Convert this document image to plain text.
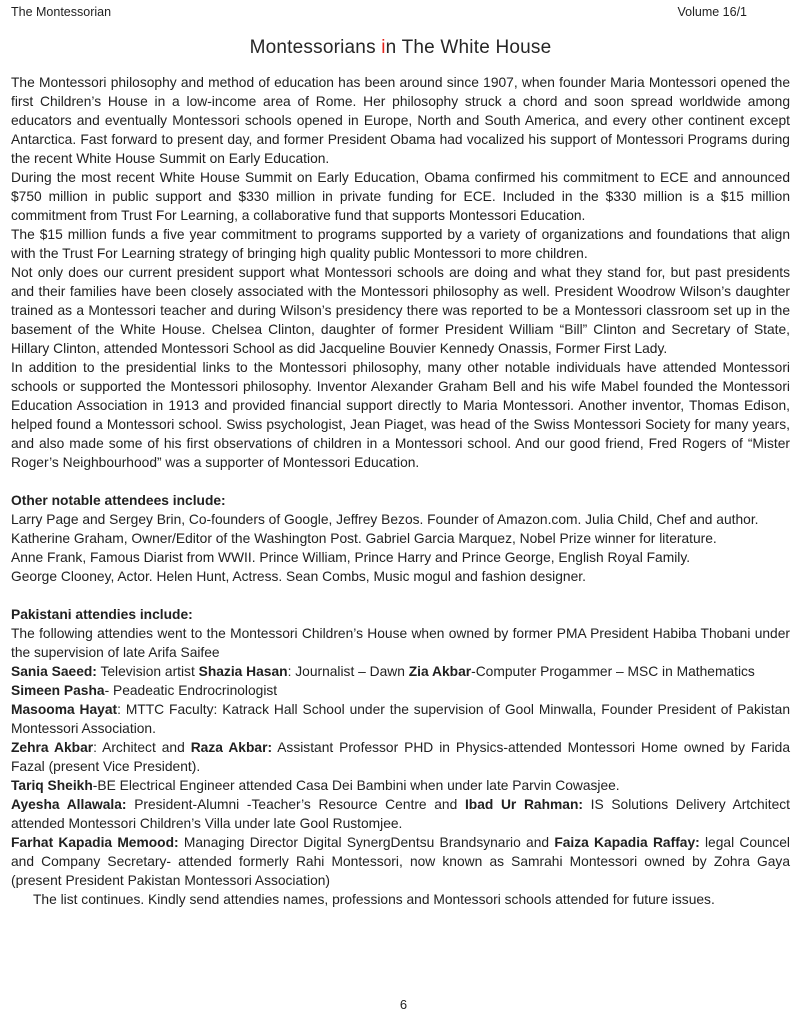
The Montessorian	Volume 16/1
Montessorians in The White House

The Montessori philosophy and method of education has been around since 1907, when founder Maria Montessori opened the first Children’s House in a low-income area of Rome. Her philosophy struck a chord and soon spread worldwide among educators and eventually Montessori schools opened in Europe, North and South America, and every other continent except Antarctica. Fast forward to present day, and former President Obama had vocalized his support of Montessori Programs during the recent White House Summit on Early Education.

During the most recent White House Summit on Early Education, Obama confirmed his commitment to ECE and announced $750 million in public support and $330 million in private funding for ECE. Included in the $330 million is a $15 million commitment from Trust For Learning, a collaborative fund that supports Montessori Education.

The $15 million funds a five year commitment to programs supported by a variety of organizations and foundations that align with the Trust For Learning strategy of bringing high quality public Montessori to more children.

Not only does our current president support what Montessori schools are doing and what they stand for, but past presidents and their families have been closely associated with the Montessori philosophy as well. President Woodrow Wilson’s daughter trained as a Montessori teacher and during Wilson’s presidency there was reported to be a Montessori classroom set up in the basement of the White House. Chelsea Clinton, daughter of former President William “Bill” Clinton and Secretary of State, Hillary Clinton, attended Montessori School as did Jacqueline Bouvier Kennedy Onassis, Former First Lady.

In addition to the presidential links to the Montessori philosophy, many other notable individuals have attended Montessori schools or supported the Montessori philosophy. Inventor Alexander Graham Bell and his wife Mabel founded the Montessori Education Association in 1913 and provided financial support directly to Maria Montessori. Another inventor, Thomas Edison, helped found a Montessori school. Swiss psychologist, Jean Piaget, was head of the Swiss Montessori Society for many years, and also made some of his first observations of children in a Montessori school. And our good friend, Fred Rogers of “Mister Roger’s Neighbourhood” was a supporter of Montessori Education.

Other notable attendees include:

Larry Page and Sergey Brin, Co-founders of Google, Jeffrey Bezos. Founder of Amazon.com. Julia Child, Chef and author.

Katherine Graham, Owner/Editor of the Washington Post. Gabriel Garcia Marquez, Nobel Prize winner for literature.

Anne Frank, Famous Diarist from WWII. Prince William, Prince Harry and Prince George, English Royal Family.

George Clooney, Actor. Helen Hunt, Actress. Sean Combs, Music mogul and fashion designer.

Pakistani attendies include:

The following attendies went to the Montessori Children’s House when owned by former PMA President Habiba Thobani under the supervision of late Arifa Saifee

Sania Saeed: Television artist Shazia Hasan: Journalist – Dawn Zia Akbar-Computer Progammer – MSC in Mathematics

Simeen Pasha- Peadeatic Endrocrinologist

Masooma Hayat: MTTC Faculty: Katrack Hall School under the supervision of Gool Minwalla, Founder President of Pakistan Montessori Association.

Zehra Akbar: Architect and Raza Akbar: Assistant Professor PHD in Physics-attended Montessori Home owned by Farida Fazal (present Vice President).

Tariq Sheikh-BE Electrical Engineer attended Casa Dei Bambini when under late Parvin Cowasjee.

Ayesha Allawala: President-Alumni -Teacher’s Resource Centre and Ibad Ur Rahman: IS Solutions Delivery Artchitect attended Montessori Children’s Villa under late Gool Rustomjee.

Farhat Kapadia Memood: Managing Director Digital SynergDentsu Brandsynario and Faiza Kapadia Raffay: legal Councel and Company Secretary- attended formerly Rahi Montessori, now known as Samrahi Montessori owned by Zohra Gaya (present President Pakistan Montessori Association)

The list continues. Kindly send attendies names, professions and Montessori schools attended for future issues.

6
